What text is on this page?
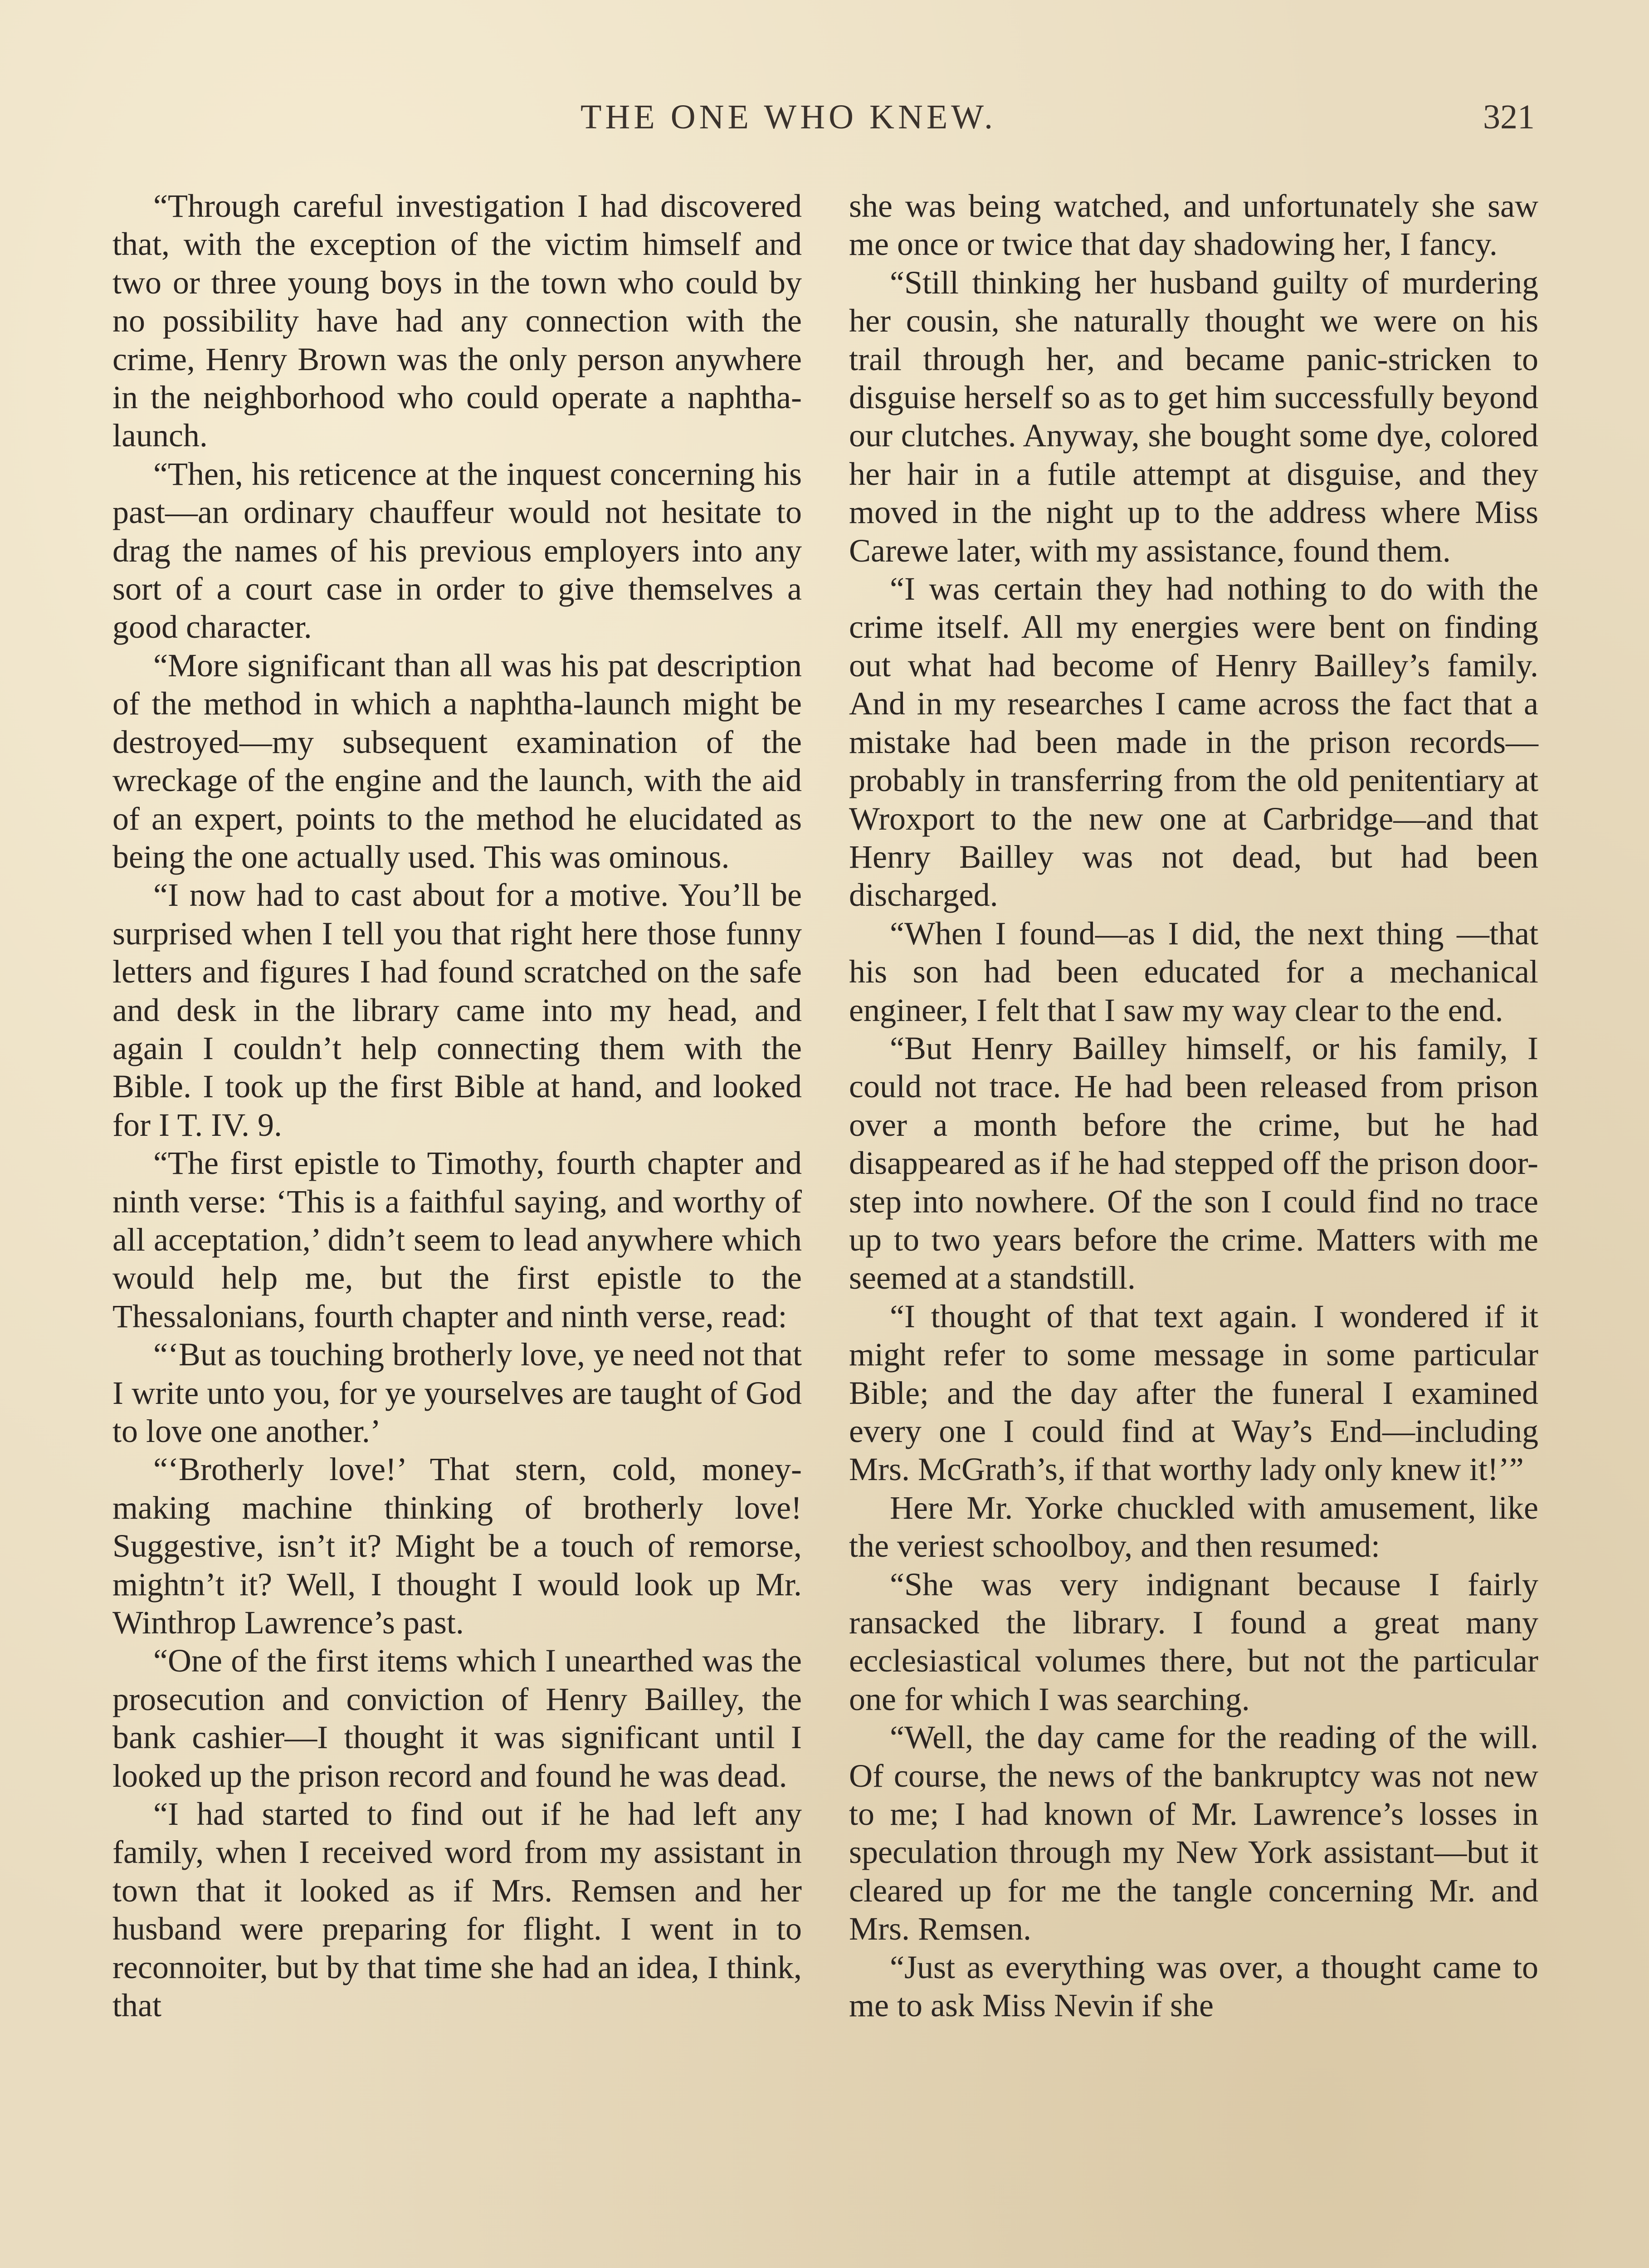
THE ONE WHO KNEW.	321

“Through careful investigation I had discovered that, with the exception of the victim himself and two or three young boys in the town who could by no possibility have had any connection with the crime, Henry Brown was the only person anywhere in the neighborhood who could operate a naphtha-launch.

“Then, his reticence at the inquest concerning his past—an ordinary chauffeur would not hesitate to drag the names of his previous employers into any sort of a court case in order to give themselves a good character.

“More significant than all was his pat description of the method in which a naphtha-launch might be destroyed—my subsequent examination of the wreckage of the engine and the launch, with the aid of an expert, points to the method he elucidated as being the one actually used. This was ominous.

“I now had to cast about for a motive. You’ll be surprised when I tell you that right here those funny letters and figures I had found scratched on the safe and desk in the library came into my head, and again I couldn’t help connecting them with the Bible. I took up the first Bible at hand, and looked for I T. IV. 9.

“The first epistle to Timothy, fourth chapter and ninth verse: ‘This is a faithful saying, and worthy of all acceptation,’ didn’t seem to lead anywhere which would help me, but the first epistle to the Thessalonians, fourth chapter and ninth verse, read:

“‘But as touching brotherly love, ye need not that I write unto you, for ye yourselves are taught of God to love one another.’

“‘Brotherly love!’ That stern, cold, money-making machine thinking of brotherly love! Suggestive, isn’t it? Might be a touch of remorse, mightn’t it? Well, I thought I would look up Mr. Winthrop Lawrence’s past.

“One of the first items which I unearthed was the prosecution and conviction of Henry Bailley, the bank cashier—I thought it was significant until I looked up the prison record and found he was dead.

“I had started to find out if he had left any family, when I received word from my assistant in town that it looked as if Mrs. Remsen and her husband were preparing for flight. I went in to reconnoiter, but by that time she had an idea, I think, that

she was being watched, and unfortunately she saw me once or twice that day shadowing her, I fancy.

“Still thinking her husband guilty of murdering her cousin, she naturally thought we were on his trail through her, and became panic-stricken to disguise herself so as to get him successfully beyond our clutches. Anyway, she bought some dye, colored her hair in a futile attempt at disguise, and they moved in the night up to the address where Miss Carewe later, with my assistance, found them.

“I was certain they had nothing to do with the crime itself. All my energies were bent on finding out what had become of Henry Bailley’s family. And in my researches I came across the fact that a mistake had been made in the prison records—probably in transferring from the old penitentiary at Wroxport to the new one at Carbridge—and that Henry Bailley was not dead, but had been discharged.

“When I found—as I did, the next thing —that his son had been educated for a mechanical engineer, I felt that I saw my way clear to the end.

“But Henry Bailley himself, or his family, I could not trace. He had been released from prison over a month before the crime, but he had disappeared as if he had stepped off the prison door-step into nowhere. Of the son I could find no trace up to two years before the crime. Matters with me seemed at a standstill.

“I thought of that text again. I wondered if it might refer to some message in some particular Bible; and the day after the funeral I examined every one I could find at Way’s End—including Mrs. McGrath’s, if that worthy lady only knew it!’”

Here Mr. Yorke chuckled with amusement, like the veriest schoolboy, and then resumed:

“She was very indignant because I fairly ransacked the library. I found a great many ecclesiastical volumes there, but not the particular one for which I was searching.

“Well, the day came for the reading of the will. Of course, the news of the bankruptcy was not new to me; I had known of Mr. Lawrence’s losses in speculation through my New York assistant—but it cleared up for me the tangle concerning Mr. and Mrs. Remsen.

“Just as everything was over, a thought came to me to ask Miss Nevin if she
